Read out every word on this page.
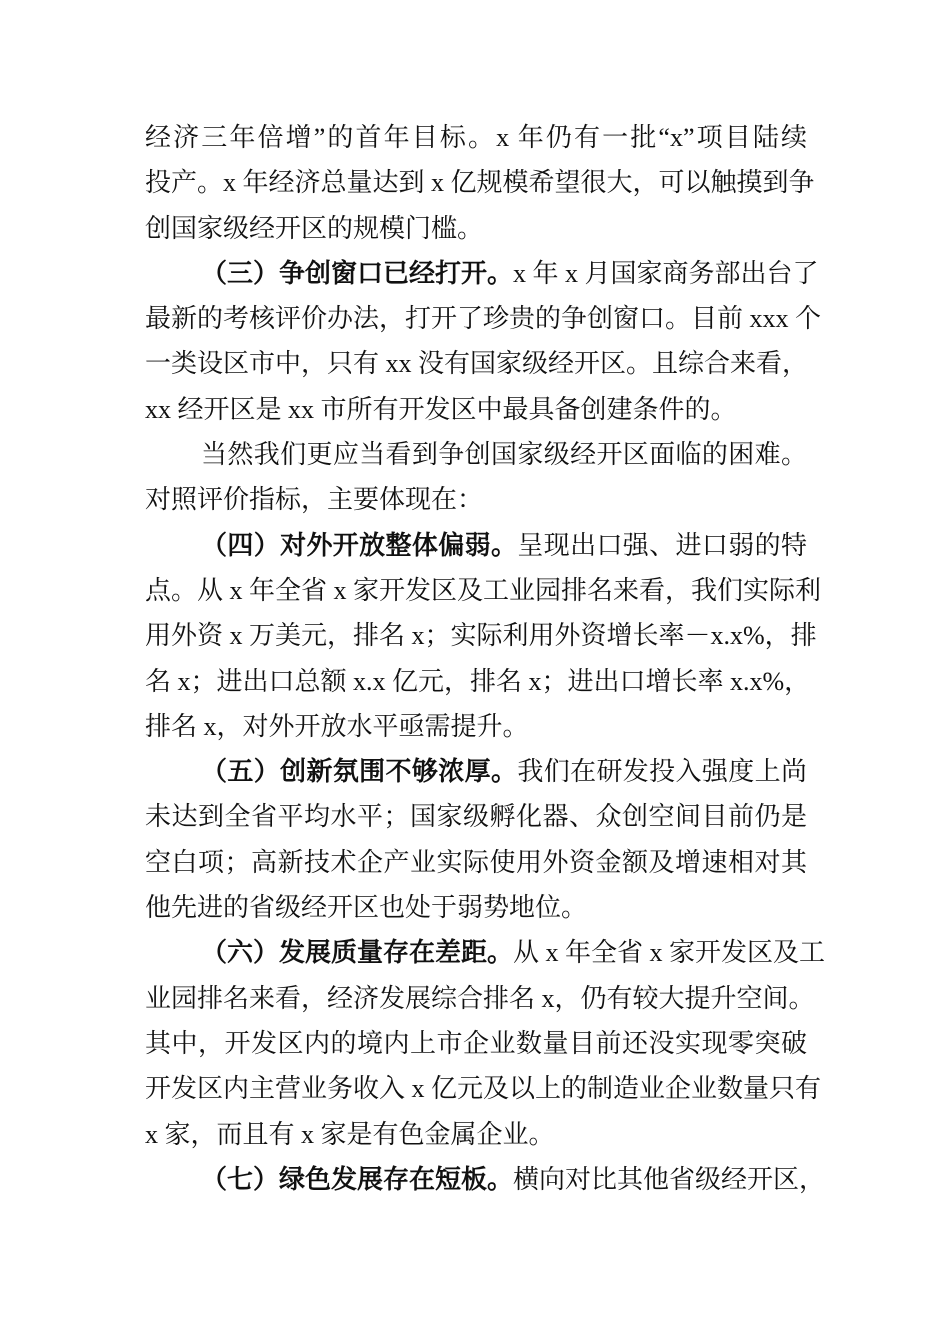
经济三年倍增”的首年目标。x 年仍有一批“x”项目陆续
投产。x 年经济总量达到 x 亿规模希望很大，可以触摸到争
创国家级经开区的规模门槛。
（三）争创窗口已经打开。x 年 x 月国家商务部出台了
最新的考核评价办法，打开了珍贵的争创窗口。目前 xxx 个
一类设区市中，只有 xx 没有国家级经开区。且综合来看，
xx 经开区是 xx 市所有开发区中最具备创建条件的。
当然我们更应当看到争创国家级经开区面临的困难。
对照评价指标，主要体现在：
（四）对外开放整体偏弱。呈现出口强、进口弱的特
点。从 x 年全省 x 家开发区及工业园排名来看，我们实际利
用外资 x 万美元，排名 x；实际利用外资增长率－x.x%，排
名 x；进出口总额 x.x 亿元，排名 x；进出口增长率 x.x%，
排名 x，对外开放水平亟需提升。
（五）创新氛围不够浓厚。我们在研发投入强度上尚
未达到全省平均水平；国家级孵化器、众创空间目前仍是
空白项；高新技术企产业实际使用外资金额及增速相对其
他先进的省级经开区也处于弱势地位。
（六）发展质量存在差距。从 x 年全省 x 家开发区及工
业园排名来看，经济发展综合排名 x，仍有较大提升空间。
其中，开发区内的境内上市企业数量目前还没实现零突破
开发区内主营业务收入 x 亿元及以上的制造业企业数量只有
x 家，而且有 x 家是有色金属企业。
（七）绿色发展存在短板。横向对比其他省级经开区，
